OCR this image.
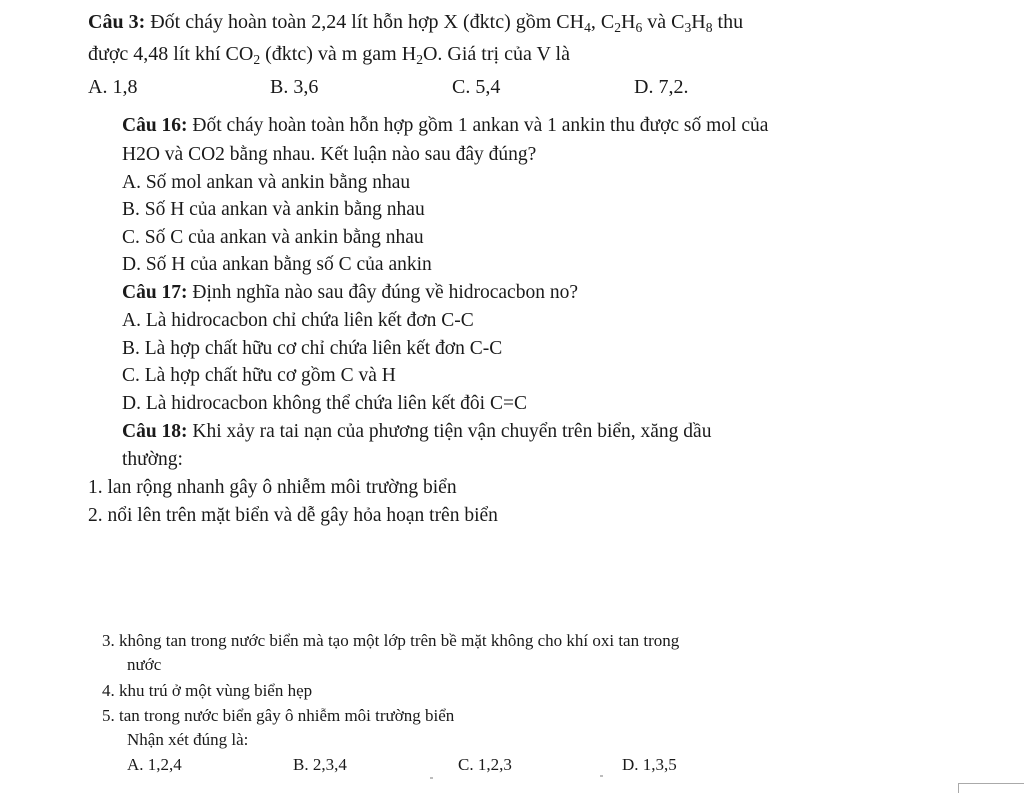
Câu 3: Đốt cháy hoàn toàn 2,24 lít hỗn hợp X (đktc) gồm $CH_4$, $C_2H_6$ và $C_3H_8$ thu
được 4,48 lít khí $CO_2$ (đktc) và m gam $H_2O$. Giá trị của V là
A. 1,8	B. 3,6	C. 5,4	D. 7,2.
Câu 16: Đốt cháy hoàn toàn hỗn hợp gồm 1 ankan và 1 ankin thu được số mol của
H2O và CO2 bằng nhau. Kết luận nào sau đây đúng?
A. Số mol ankan và ankin bằng nhau
B. Số H của ankan và ankin bằng nhau
C. Số C của ankan và ankin bằng nhau
D. Số H của ankan bằng số C của ankin
Câu 17: Định nghĩa nào sau đây đúng về hidrocacbon no?
A. Là hidrocacbon chỉ chứa liên kết đơn C-C
B. Là hợp chất hữu cơ chỉ chứa liên kết đơn C-C
C. Là hợp chất hữu cơ gồm C và H
D. Là hidrocacbon không thể chứa liên kết đôi C=C
Câu 18: Khi xảy ra tai nạn của phương tiện vận chuyển trên biển, xăng dầu
thường:
1. lan rộng nhanh gây ô nhiễm môi trường biển
2. nổi lên trên mặt biển và dễ gây hỏa hoạn trên biển
3. không tan trong nước biển mà tạo một lớp trên bề mặt không cho khí oxi tan trong
nước
4. khu trú ở một vùng biển hẹp
5. tan trong nước biển gây ô nhiễm môi trường biển
Nhận xét đúng là:
A. 1,2,4	B. 2,3,4	C. 1,2,3	D. 1,3,5
